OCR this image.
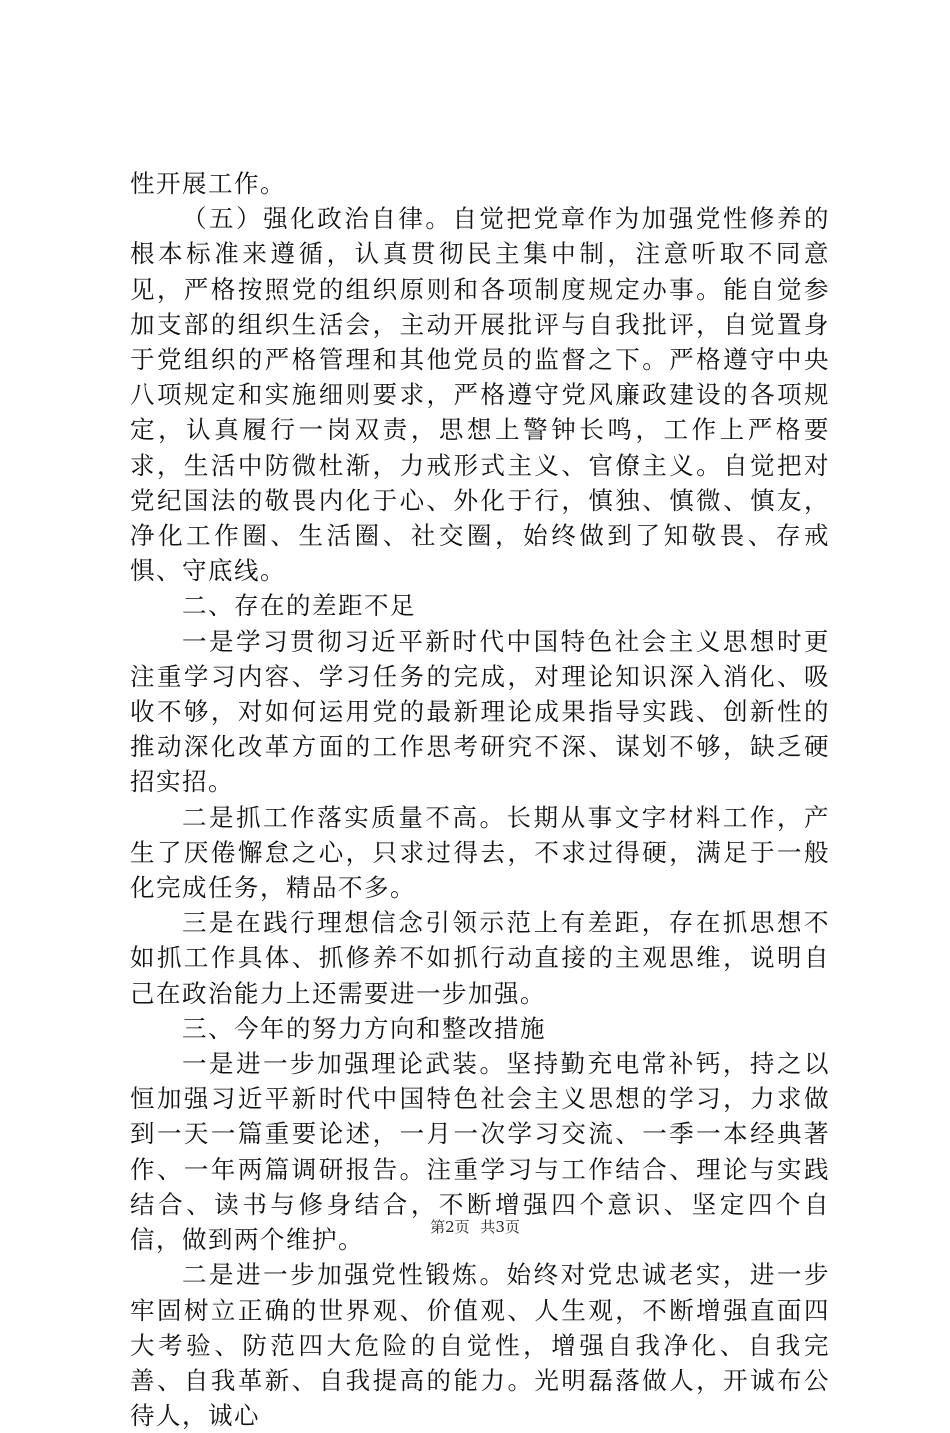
性开展工作。

（五）强化政治自律。自觉把党章作为加强党性修养的根本标准来遵循，认真贯彻民主集中制，注意听取不同意见，严格按照党的组织原则和各项制度规定办事。能自觉参加支部的组织生活会，主动开展批评与自我批评，自觉置身于党组织的严格管理和其他党员的监督之下。严格遵守中央八项规定和实施细则要求，严格遵守党风廉政建设的各项规定，认真履行一岗双责，思想上警钟长鸣，工作上严格要求，生活中防微杜渐，力戒形式主义、官僚主义。自觉把对党纪国法的敬畏内化于心、外化于行，慎独、慎微、慎友，净化工作圈、生活圈、社交圈，始终做到了知敬畏、存戒惧、守底线。

二、存在的差距不足

一是学习贯彻习近平新时代中国特色社会主义思想时更注重学习内容、学习任务的完成，对理论知识深入消化、吸收不够，对如何运用党的最新理论成果指导实践、创新性的推动深化改革方面的工作思考研究不深、谋划不够，缺乏硬招实招。

二是抓工作落实质量不高。长期从事文字材料工作，产生了厌倦懈怠之心，只求过得去，不求过得硬，满足于一般化完成任务，精品不多。

三是在践行理想信念引领示范上有差距，存在抓思想不如抓工作具体、抓修养不如抓行动直接的主观思维，说明自己在政治能力上还需要进一步加强。

三、今年的努力方向和整改措施

一是进一步加强理论武装。坚持勤充电常补钙，持之以恒加强习近平新时代中国特色社会主义思想的学习，力求做到一天一篇重要论述，一月一次学习交流、一季一本经典著作、一年两篇调研报告。注重学习与工作结合、理论与实践结合、读书与修身结合，不断增强四个意识、坚定四个自信，做到两个维护。

二是进一步加强党性锻炼。始终对党忠诚老实，进一步牢固树立正确的世界观、价值观、人生观，不断增强直面四大考验、防范四大危险的自觉性，增强自我净化、自我完善、自我革新、自我提高的能力。光明磊落做人，开诚布公待人，诚心

第2页 共3页
